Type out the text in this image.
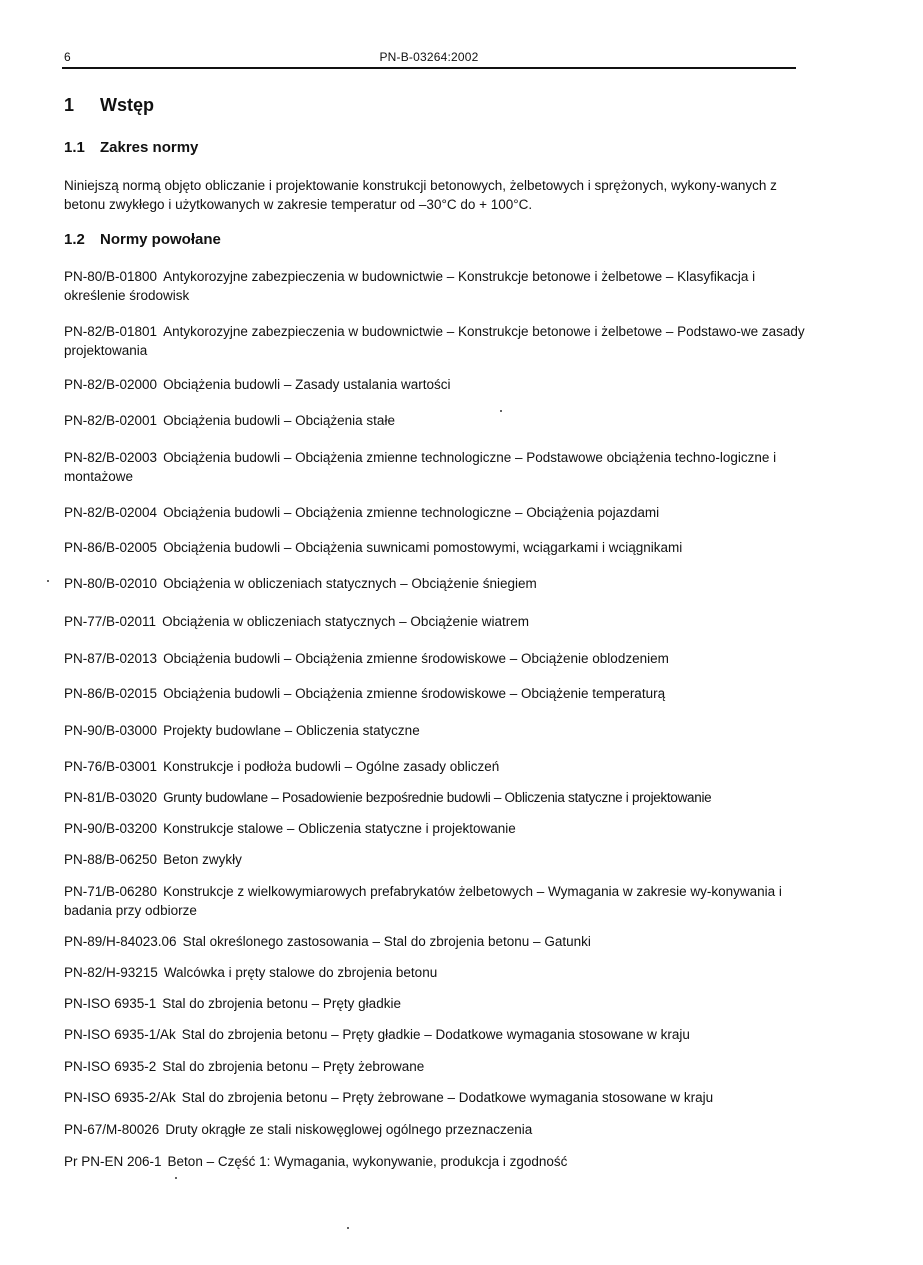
6	PN-B-03264:2002
1 Wstęp
1.1 Zakres normy
Niniejszą normą objęto obliczanie i projektowanie konstrukcji betonowych, żelbetowych i sprężonych, wykony-wanych z betonu zwykłego i użytkowanych w zakresie temperatur od –30°C do + 100°C.
1.2 Normy powołane
PN-80/B-01800 Antykorozyjne zabezpieczenia w budownictwie – Konstrukcje betonowe i żelbetowe – Klasyfikacja i określenie środowisk
PN-82/B-01801 Antykorozyjne zabezpieczenia w budownictwie – Konstrukcje betonowe i żelbetowe – Podstawo-we zasady projektowania
PN-82/B-02000 Obciążenia budowli – Zasady ustalania wartości
PN-82/B-02001 Obciążenia budowli – Obciążenia stałe
PN-82/B-02003 Obciążenia budowli – Obciążenia zmienne technologiczne – Podstawowe obciążenia techno-logiczne i montażowe
PN-82/B-02004 Obciążenia budowli – Obciążenia zmienne technologiczne – Obciążenia pojazdami
PN-86/B-02005 Obciążenia budowli – Obciążenia suwnicami pomostowymi, wciągarkami i wciągnikami
PN-80/B-02010 Obciążenia w obliczeniach statycznych – Obciążenie śniegiem
PN-77/B-02011 Obciążenia w obliczeniach statycznych – Obciążenie wiatrem
PN-87/B-02013 Obciążenia budowli – Obciążenia zmienne środowiskowe – Obciążenie oblodzeniem
PN-86/B-02015 Obciążenia budowli – Obciążenia zmienne środowiskowe – Obciążenie temperaturą
PN-90/B-03000 Projekty budowlane – Obliczenia statyczne
PN-76/B-03001 Konstrukcje i podłoża budowli – Ogólne zasady obliczeń
PN-81/B-03020 Grunty budowlane – Posadowienie bezpośrednie budowli – Obliczenia statyczne i projektowanie
PN-90/B-03200 Konstrukcje stalowe – Obliczenia statyczne i projektowanie
PN-88/B-06250 Beton zwykły
PN-71/B-06280 Konstrukcje z wielkowymiarowych prefabrykatów żelbetowych – Wymagania w zakresie wy-konywania i badania przy odbiorze
PN-89/H-84023.06 Stal określonego zastosowania – Stal do zbrojenia betonu – Gatunki
PN-82/H-93215 Walcówka i pręty stalowe do zbrojenia betonu
PN-ISO 6935-1 Stal do zbrojenia betonu – Pręty gładkie
PN-ISO 6935-1/Ak Stal do zbrojenia betonu – Pręty gładkie – Dodatkowe wymagania stosowane w kraju
PN-ISO 6935-2 Stal do zbrojenia betonu – Pręty żebrowane
PN-ISO 6935-2/Ak Stal do zbrojenia betonu – Pręty żebrowane – Dodatkowe wymagania stosowane w kraju
PN-67/M-80026 Druty okrągłe ze stali niskowęglowej ogólnego przeznaczenia
Pr PN-EN 206-1 Beton – Część 1: Wymagania, wykonywanie, produkcja i zgodność
